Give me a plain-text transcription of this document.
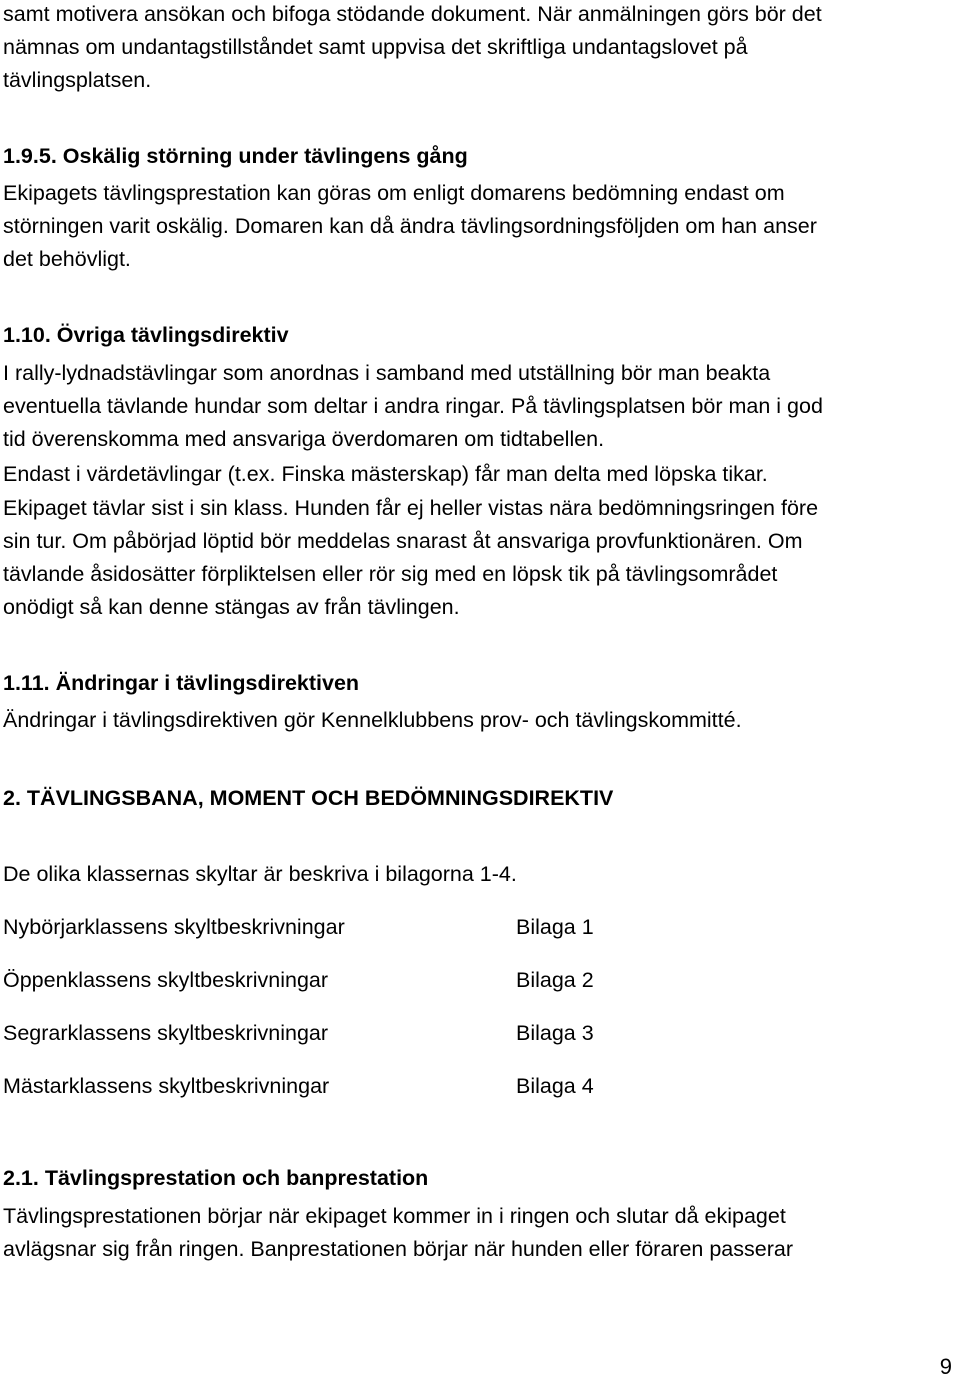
samt motivera ansökan och bifoga stödande dokument. När anmälningen görs bör det
nämnas om undantagstillståndet samt uppvisa det skriftliga undantagslovet på
tävlingsplatsen.
1.9.5. Oskälig störning under tävlingens gång
Ekipagets tävlingsprestation kan göras om enligt domarens bedömning endast om
störningen varit oskälig. Domaren kan då ändra tävlingsordningsföljden om han anser
det behövligt.
1.10. Övriga tävlingsdirektiv
I rally-lydnadstävlingar som anordnas i samband med utställning bör man beakta
eventuella tävlande hundar som deltar i andra ringar. På tävlingsplatsen bör man i god
tid överenskomma med ansvariga överdomaren om tidtabellen.
Endast i värdetävlingar (t.ex. Finska mästerskap) får man delta med löpska tikar.
Ekipaget tävlar sist i sin klass. Hunden får ej heller vistas nära bedömningsringen före
sin tur. Om påbörjad löptid bör meddelas snarast åt ansvariga provfunktionären. Om
tävlande åsidosätter förpliktelsen eller rör sig med en löpsk tik på tävlingsområdet
onödigt så kan denne stängas av från tävlingen.
1.11. Ändringar i tävlingsdirektiven
Ändringar i tävlingsdirektiven gör Kennelklubbens prov- och tävlingskommitté.
2. TÄVLINGSBANA, MOMENT OCH BEDÖMNINGSDIREKTIV
De olika klassernas skyltar är beskriva i bilagorna 1-4.
Nybörjarklassens skyltbeskrivningar	Bilaga 1
Öppenklassens skyltbeskrivningar	Bilaga 2
Segrarklassens skyltbeskrivningar	Bilaga 3
Mästarklassens skyltbeskrivningar	Bilaga 4
2.1. Tävlingsprestation och banprestation
Tävlingsprestationen börjar när ekipaget kommer in i ringen och slutar då ekipaget
avlägsnar sig från ringen. Banprestationen börjar när hunden eller föraren passerar
9
